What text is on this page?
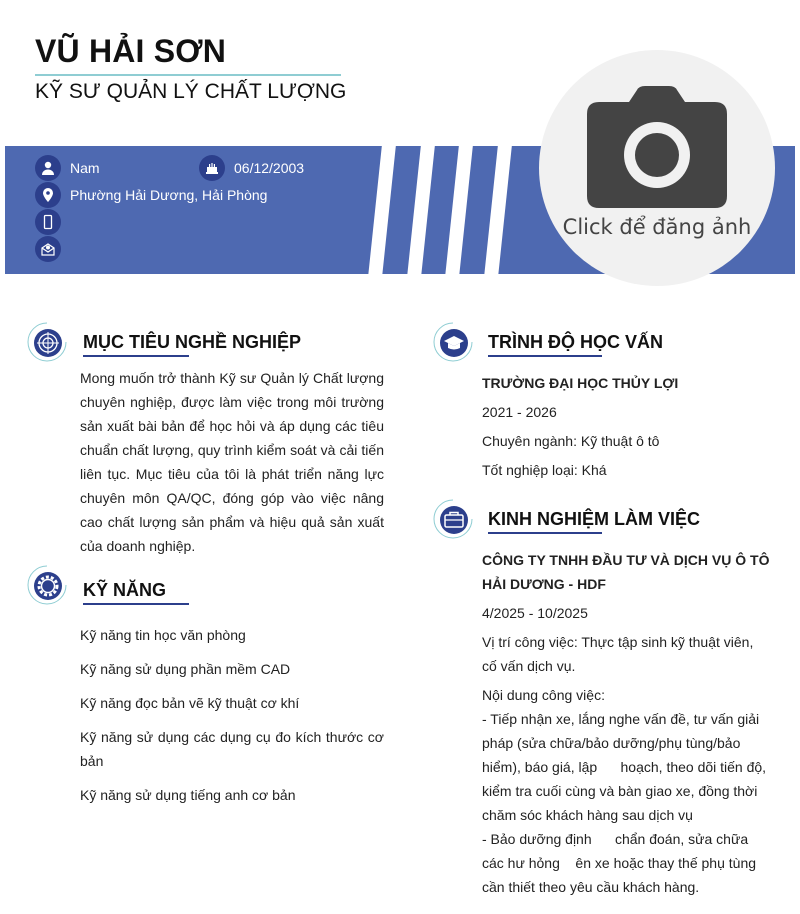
VŨ HẢI SƠN
KỸ SƯ QUẢN LÝ CHẤT LƯỢNG
Nam	06/12/2003
Phường Hải Dương, Hải Phòng
Click để đăng ảnh
MỤC TIÊU NGHỀ NGHIỆP
Mong muốn trở thành Kỹ sư Quản lý Chất lượng chuyên nghiệp, được làm việc trong môi trường sản xuất bài bản để học hỏi và áp dụng các tiêu chuẩn chất lượng, quy trình kiểm soát và cải tiến liên tục. Mục tiêu của tôi là phát triển năng lực chuyên môn QA/QC, đóng góp vào việc nâng cao chất lượng sản phẩm và hiệu quả sản xuất của doanh nghiệp.
KỸ NĂNG
Kỹ năng tin học văn phòng
Kỹ năng sử dụng phần mềm CAD
Kỹ năng đọc bản vẽ kỹ thuật cơ khí
Kỹ năng sử dụng các dụng cụ đo kích thước cơ bản
Kỹ năng sử dụng tiếng anh cơ bản
TRÌNH ĐỘ HỌC VẤN
TRƯỜNG ĐẠI HỌC THỦY LỢI
2021 - 2026
Chuyên ngành: Kỹ thuật ô tô
Tốt nghiệp loại: Khá
KINH NGHIỆM LÀM VIỆC
CÔNG TY TNHH ĐẦU TƯ VÀ DỊCH VỤ Ô TÔ HẢI DƯƠNG - HDF
4/2025 - 10/2025
Vị trí công việc: Thực tập sinh kỹ thuật viên, cố vấn dịch vụ.
Nội dung công việc:
- Tiếp nhận xe, lắng nghe vấn đề, tư vấn giải pháp (sửa chữa/bảo dưỡng/phụ tùng/bảo hiểm), báo giá, lập      hoạch, theo dõi tiến độ, kiểm tra cuối cùng và bàn giao xe, đồng thời chăm sóc khách hàng sau dịch vụ
- Bảo dưỡng định      chẩn đoán, sửa chữa các hư hỏng    ên xe hoặc thay thế phụ tùng cần thiết theo yêu cầu khách hàng.
